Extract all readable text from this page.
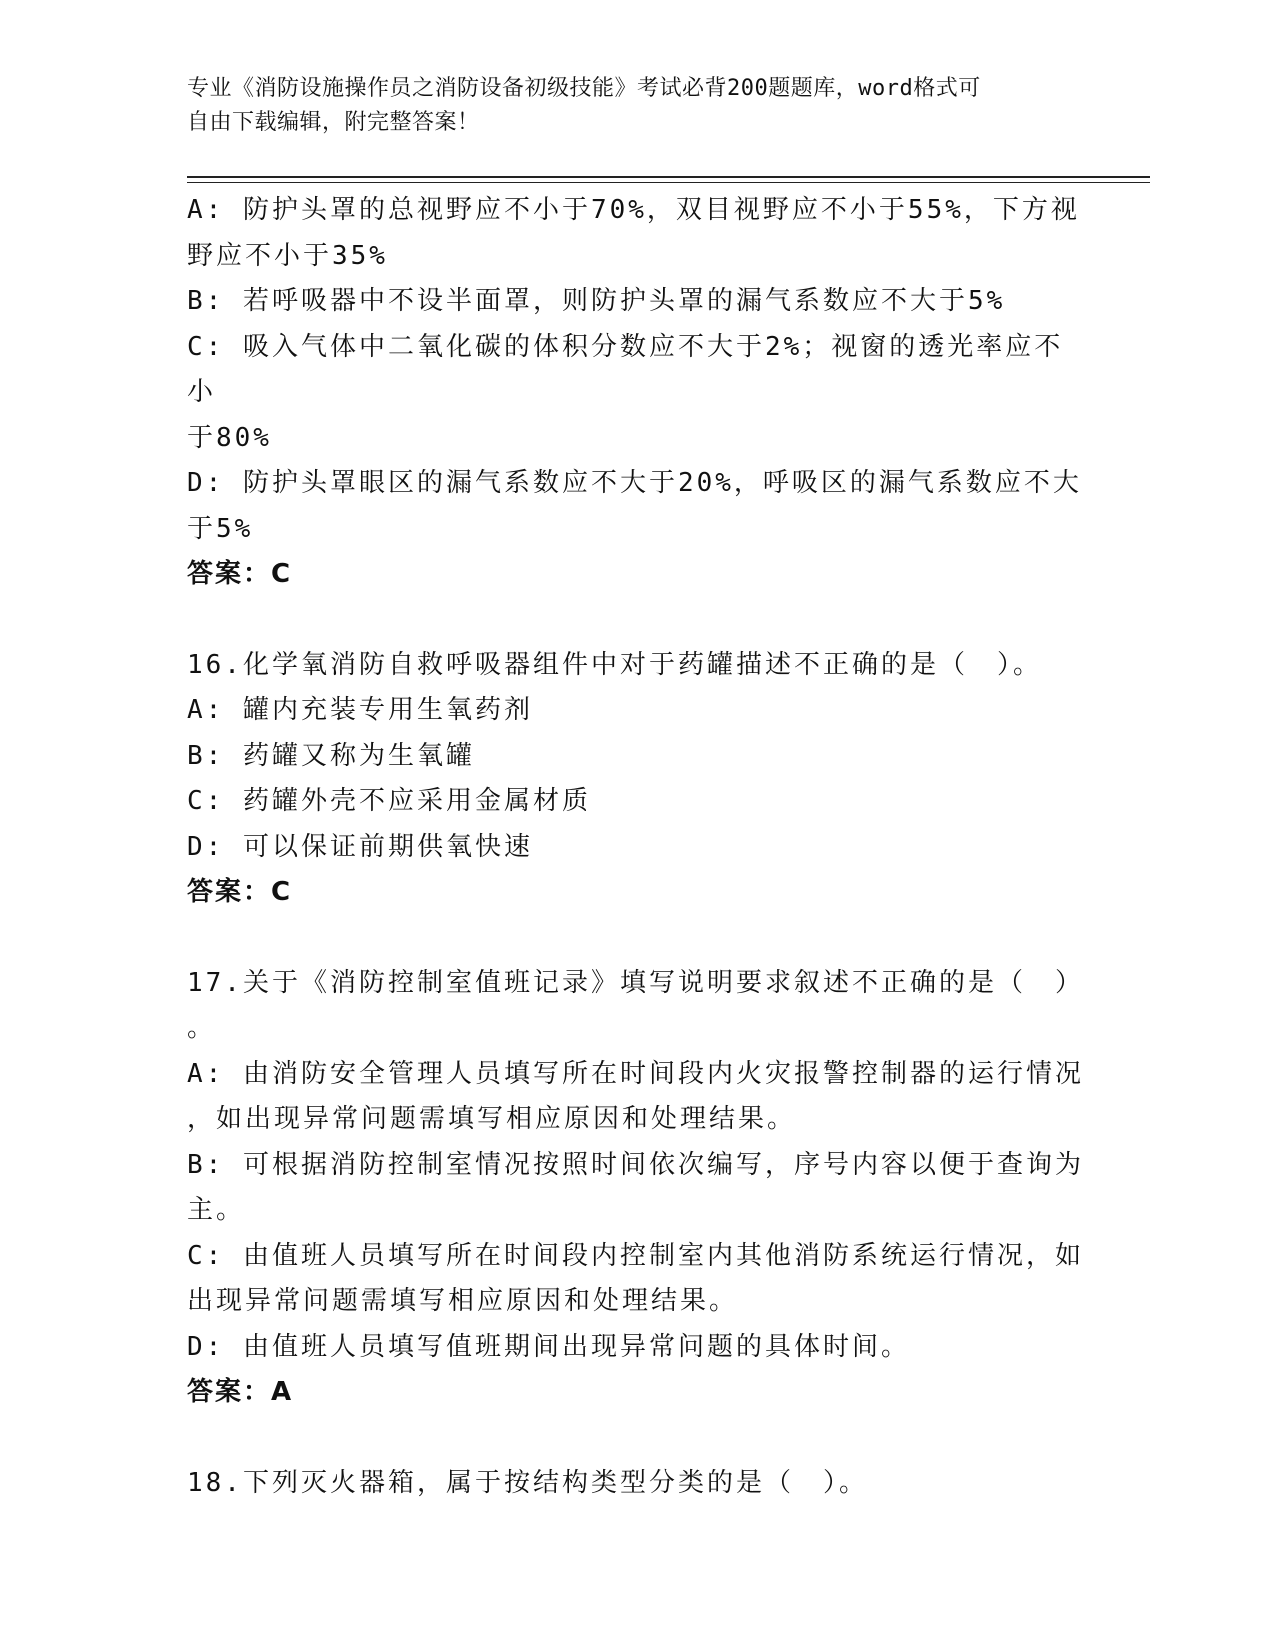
专业《消防设施操作员之消防设备初级技能》考试必背200题题库，word格式可
自由下载编辑，附完整答案！

A: 防护头罩的总视野应不小于70%，双目视野应不小于55%，下方视

野应不小于35%

B: 若呼吸器中不设半面罩，则防护头罩的漏气系数应不大于5%

C: 吸入气体中二氧化碳的体积分数应不大于2%；视窗的透光率应不小

于80%

D: 防护头罩眼区的漏气系数应不大于20%，呼吸区的漏气系数应不大

于5%

答案：C

16.化学氧消防自救呼吸器组件中对于药罐描述不正确的是（　）。

A: 罐内充装专用生氧药剂

B: 药罐又称为生氧罐

C: 药罐外壳不应采用金属材质

D: 可以保证前期供氧快速

答案：C

17.关于《消防控制室值班记录》填写说明要求叙述不正确的是（　）

。

A: 由消防安全管理人员填写所在时间段内火灾报警控制器的运行情况

，如出现异常问题需填写相应原因和处理结果。

B: 可根据消防控制室情况按照时间依次编写，序号内容以便于查询为

主。

C: 由值班人员填写所在时间段内控制室内其他消防系统运行情况，如

出现异常问题需填写相应原因和处理结果。

D: 由值班人员填写值班期间出现异常问题的具体时间。

答案：A

18.下列灭火器箱，属于按结构类型分类的是（　）。
